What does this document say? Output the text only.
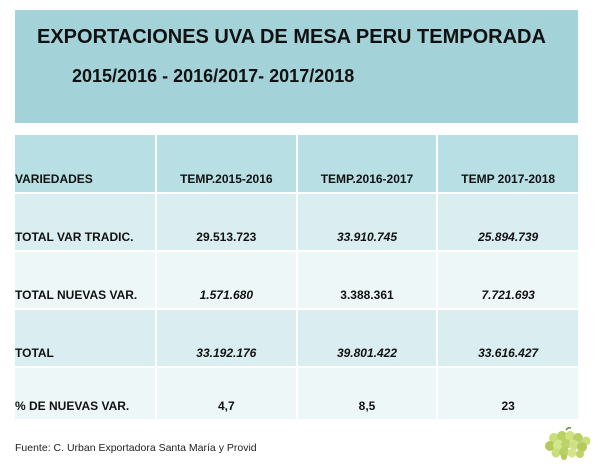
EXPORTACIONES UVA DE MESA PERU TEMPORADA
2015/2016 - 2016/2017- 2017/2018
VARIEDADES	TEMP.2015-2016	TEMP.2016-2017	TEMP 2017-2018
TOTAL VAR TRADIC.	29.513.723	33.910.745	25.894.739
TOTAL NUEVAS VAR.	1.571.680	3.388.361	7.721.693
TOTAL	33.192.176	39.801.422	33.616.427
% DE NUEVAS VAR.	4,7	8,5	23
Fuente: C. Urban Exportadora Santa María y Provid
